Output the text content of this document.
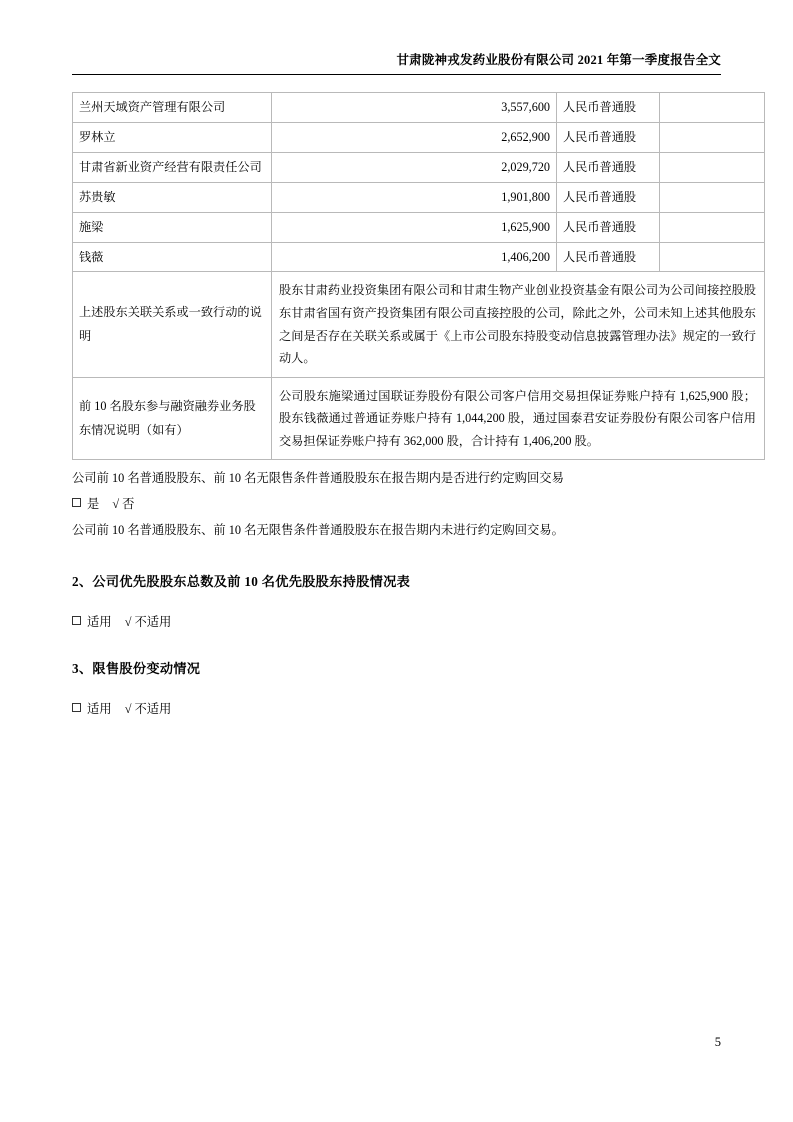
甘肃陇神戎发药业股份有限公司 2021 年第一季度报告全文
兰州天域资产管理有限公司	3,557,600	人民币普通股	
罗林立	2,652,900	人民币普通股	
甘肃省新业资产经营有限责任公司	2,029,720	人民币普通股	
苏贵敏	1,901,800	人民币普通股	
施梁	1,625,900	人民币普通股	
钱薇	1,406,200	人民币普通股	
上述股东关联关系或一致行动的说明	股东甘肃药业投资集团有限公司和甘肃生物产业创业投资基金有限公司为公司间接控股股东甘肃省国有资产投资集团有限公司直接控股的公司，除此之外，公司未知上述其他股东之间是否存在关联关系或属于《上市公司股东持股变动信息披露管理办法》规定的一致行动人。		
前 10 名股东参与融资融券业务股东情况说明（如有）	公司股东施梁通过国联证券股份有限公司客户信用交易担保证券账户持有 1,625,900 股；股东钱薇通过普通证券账户持有 1,044,200 股，通过国泰君安证券股份有限公司客户信用交易担保证券账户持有 362,000 股，合计持有 1,406,200 股。		
公司前 10 名普通股股东、前 10 名无限售条件普通股股东在报告期内是否进行约定购回交易
是 √ 否
公司前 10 名普通股股东、前 10 名无限售条件普通股股东在报告期内未进行约定购回交易。
2、公司优先股股东总数及前 10 名优先股股东持股情况表
适用 √ 不适用
3、限售股份变动情况
适用 √ 不适用
5
